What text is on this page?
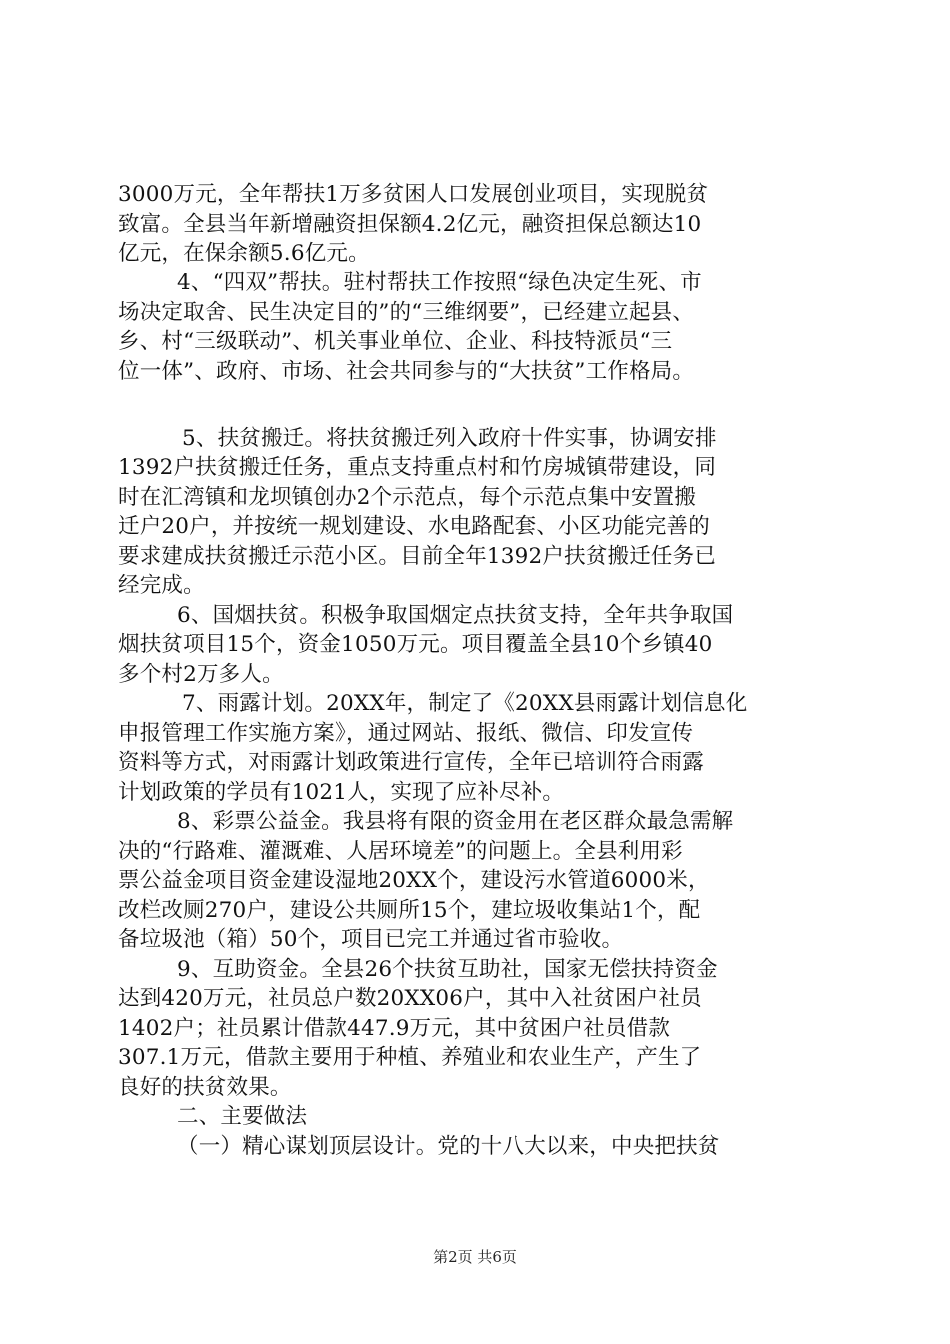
3000万元，全年帮扶1万多贫困人口发展创业项目，实现脱贫
致富。全县当年新增融资担保额4.2亿元，融资担保总额达10
亿元，在保余额5.6亿元。
4、“四双”帮扶。驻村帮扶工作按照“绿色决定生死、市
场决定取舍、民生决定目的”的“三维纲要”，已经建立起县、
乡、村“三级联动”、机关事业单位、企业、科技特派员“三
位一体”、政府、市场、社会共同参与的“大扶贫”工作格局。
5、扶贫搬迁。将扶贫搬迁列入政府十件实事，协调安排
1392户扶贫搬迁任务，重点支持重点村和竹房城镇带建设，同
时在汇湾镇和龙坝镇创办2个示范点，每个示范点集中安置搬
迁户20户，并按统一规划建设、水电路配套、小区功能完善的
要求建成扶贫搬迁示范小区。目前全年1392户扶贫搬迁任务已
经完成。
6、国烟扶贫。积极争取国烟定点扶贫支持，全年共争取国
烟扶贫项目15个，资金1050万元。项目覆盖全县10个乡镇40
多个村2万多人。
7、雨露计划。20XX年，制定了《20XX县雨露计划信息化
申报管理工作实施方案》，通过网站、报纸、微信、印发宣传
资料等方式，对雨露计划政策进行宣传，全年已培训符合雨露
计划政策的学员有1021人，实现了应补尽补。
8、彩票公益金。我县将有限的资金用在老区群众最急需解
决的“行路难、灌溉难、人居环境差”的问题上。全县利用彩
票公益金项目资金建设湿地20XX个，建设污水管道6000米，
改栏改厕270户，建设公共厕所15个，建垃圾收集站1个，配
备垃圾池（箱）50个，项目已完工并通过省市验收。
9、互助资金。全县26个扶贫互助社，国家无偿扶持资金
达到420万元，社员总户数20XX06户，其中入社贫困户社员
1402户；社员累计借款447.9万元，其中贫困户社员借款
307.1万元，借款主要用于种植、养殖业和农业生产，产生了
良好的扶贫效果。
二、主要做法
（一）精心谋划顶层设计。党的十八大以来，中央把扶贫
第2页 共6页
